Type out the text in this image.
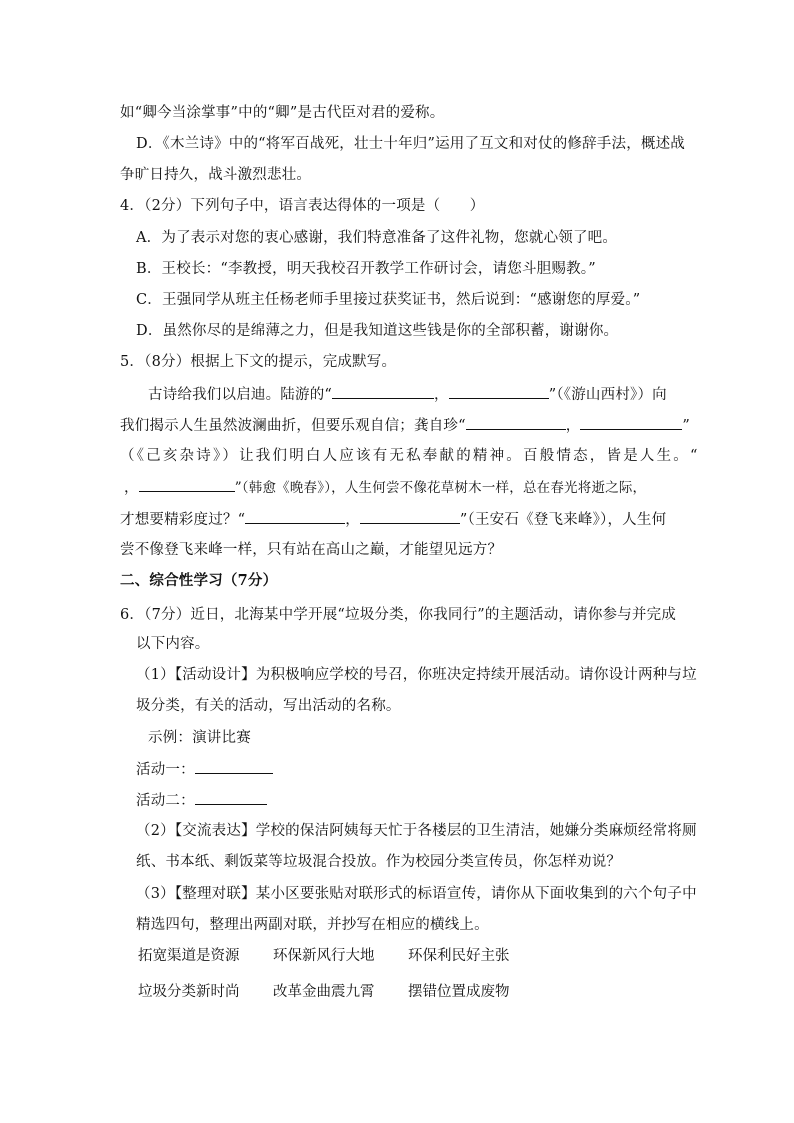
如“卿今当涂掌事”中的“卿”是古代臣对君的爱称。
D．《木兰诗》中的“将军百战死，壮士十年归”运用了互文和对仗的修辞手法，概述战
争旷日持久，战斗激烈悲壮。
4．（2分）下列句子中，语言表达得体的一项是（　　）
A．为了表示对您的衷心感谢，我们特意准备了这件礼物，您就心领了吧。
B．王校长：“李教授，明天我校召开教学工作研讨会，请您斗胆赐教。”
C．王强同学从班主任杨老师手里接过获奖证书，然后说到：“感谢您的厚爱。”
D．虽然你尽的是绵薄之力，但是我知道这些钱是你的全部积蓄，谢谢你。
5．（8分）根据上下文的提示，完成默写。
古诗给我们以启迪。陆游的“	，	”（《游山西村》）向
我们揭示人生虽然波澜曲折，但要乐观自信；龚自珍“	，	”
（《己亥杂诗》）让我们明白人应该有无私奉献的精神。百般情态，皆是人生。“
，	”（韩愈《晚春》），人生何尝不像花草树木一样，总在春光将逝之际，
才想要精彩度过？“	，	”（王安石《登飞来峰》），人生何
尝不像登飞来峰一样，只有站在高山之巅，才能望见远方？
二、综合性学习（7分）
6．（7分）近日，北海某中学开展“垃圾分类，你我同行”的主题活动，请你参与并完成
以下内容。
（1）【活动设计】为积极响应学校的号召，你班决定持续开展活动。请你设计两种与垃
圾分类，有关的活动，写出活动的名称。
示例：演讲比赛
活动一：
活动二：
（2）【交流表达】学校的保洁阿姨每天忙于各楼层的卫生清洁，她嫌分类麻烦经常将厕
纸、书本纸、剩饭菜等垃圾混合投放。作为校园分类宣传员，你怎样劝说？
（3）【整理对联】某小区要张贴对联形式的标语宣传，请你从下面收集到的六个句子中
精选四句，整理出两副对联，并抄写在相应的横线上。
拓宽渠道是资源 环保新风行大地 环保利民好主张
垃圾分类新时尚 改革金曲震九霄 摆错位置成废物
